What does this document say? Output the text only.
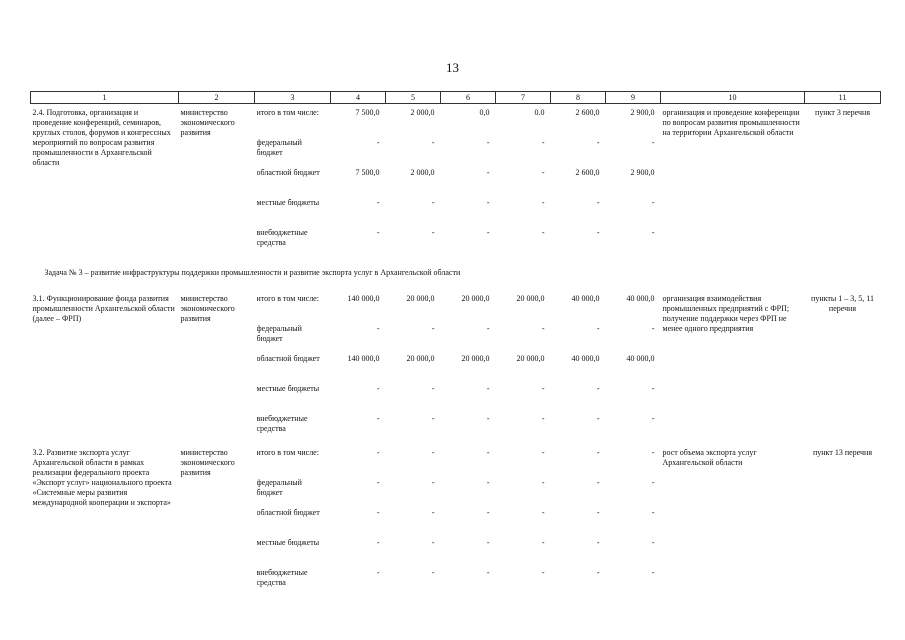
13
1	2	3	4	5	6	7	8	9	10	11
2.4. Подготовка, организация и проведение конференций, семинаров, круглых столов, форумов и конгрессных мероприятий по вопросам развития промышленности в Архангельской области	министерство экономического развития	итого в том числе:	7 500,0	2 000,0	0,0	0.0	2 600,0	2 900,0	организация и проведение конференции по вопросам развития промышленности на территории Архангельской области	пункт 3 перечня

		федеральный бюджет	-	-	-	-	-	-		

		областной бюджет	7 500,0	2 000,0	-	-	2 600,0	2 900,0		

		местные бюджеты	-	-	-	-	-	-		

		внебюджетные средства	-	-	-	-	-	-		
Задача № 3 – развитие инфраструктуры поддержки промышленности и развитие экспорта услуг в Архангельской области										
3.1. Функционирование фонда развития промышленности Архангельской области (далее – ФРП)	министерство экономического развития	итого в том числе:	140 000,0	20 000,0	20 000,0	20 000,0	40 000,0	40 000,0	организация взаимодействия промышленных предприятий с ФРП; получение поддержки через ФРП не менее одного предприятия	пункты 1 – 3, 5, 11 перечня

		федеральный бюджет	-	-	-	-	-	-		

		областной бюджет	140 000,0	20 000,0	20 000,0	20 000,0	40 000,0	40 000,0		

		местные бюджеты	-	-	-	-	-	-		

		внебюджетные средства	-	-	-	-	-	-		
3.2. Развитие экспорта услуг Архангельской области в рамках реализации федерального проекта «Экспорт услуг» национального проекта «Системные меры развития международной кооперации и экспорта»	министерство экономического развития	итого в том числе:	-	-	-	-	-	-	рост объема экспорта услуг Архангельской области	пункт 13 перечня

		федеральный бюджет	-	-	-	-	-	-		

		областной бюджет	-	-	-	-	-	-		

		местные бюджеты	-	-	-	-	-	-		

		внебюджетные средства	-	-	-	-	-	-		
